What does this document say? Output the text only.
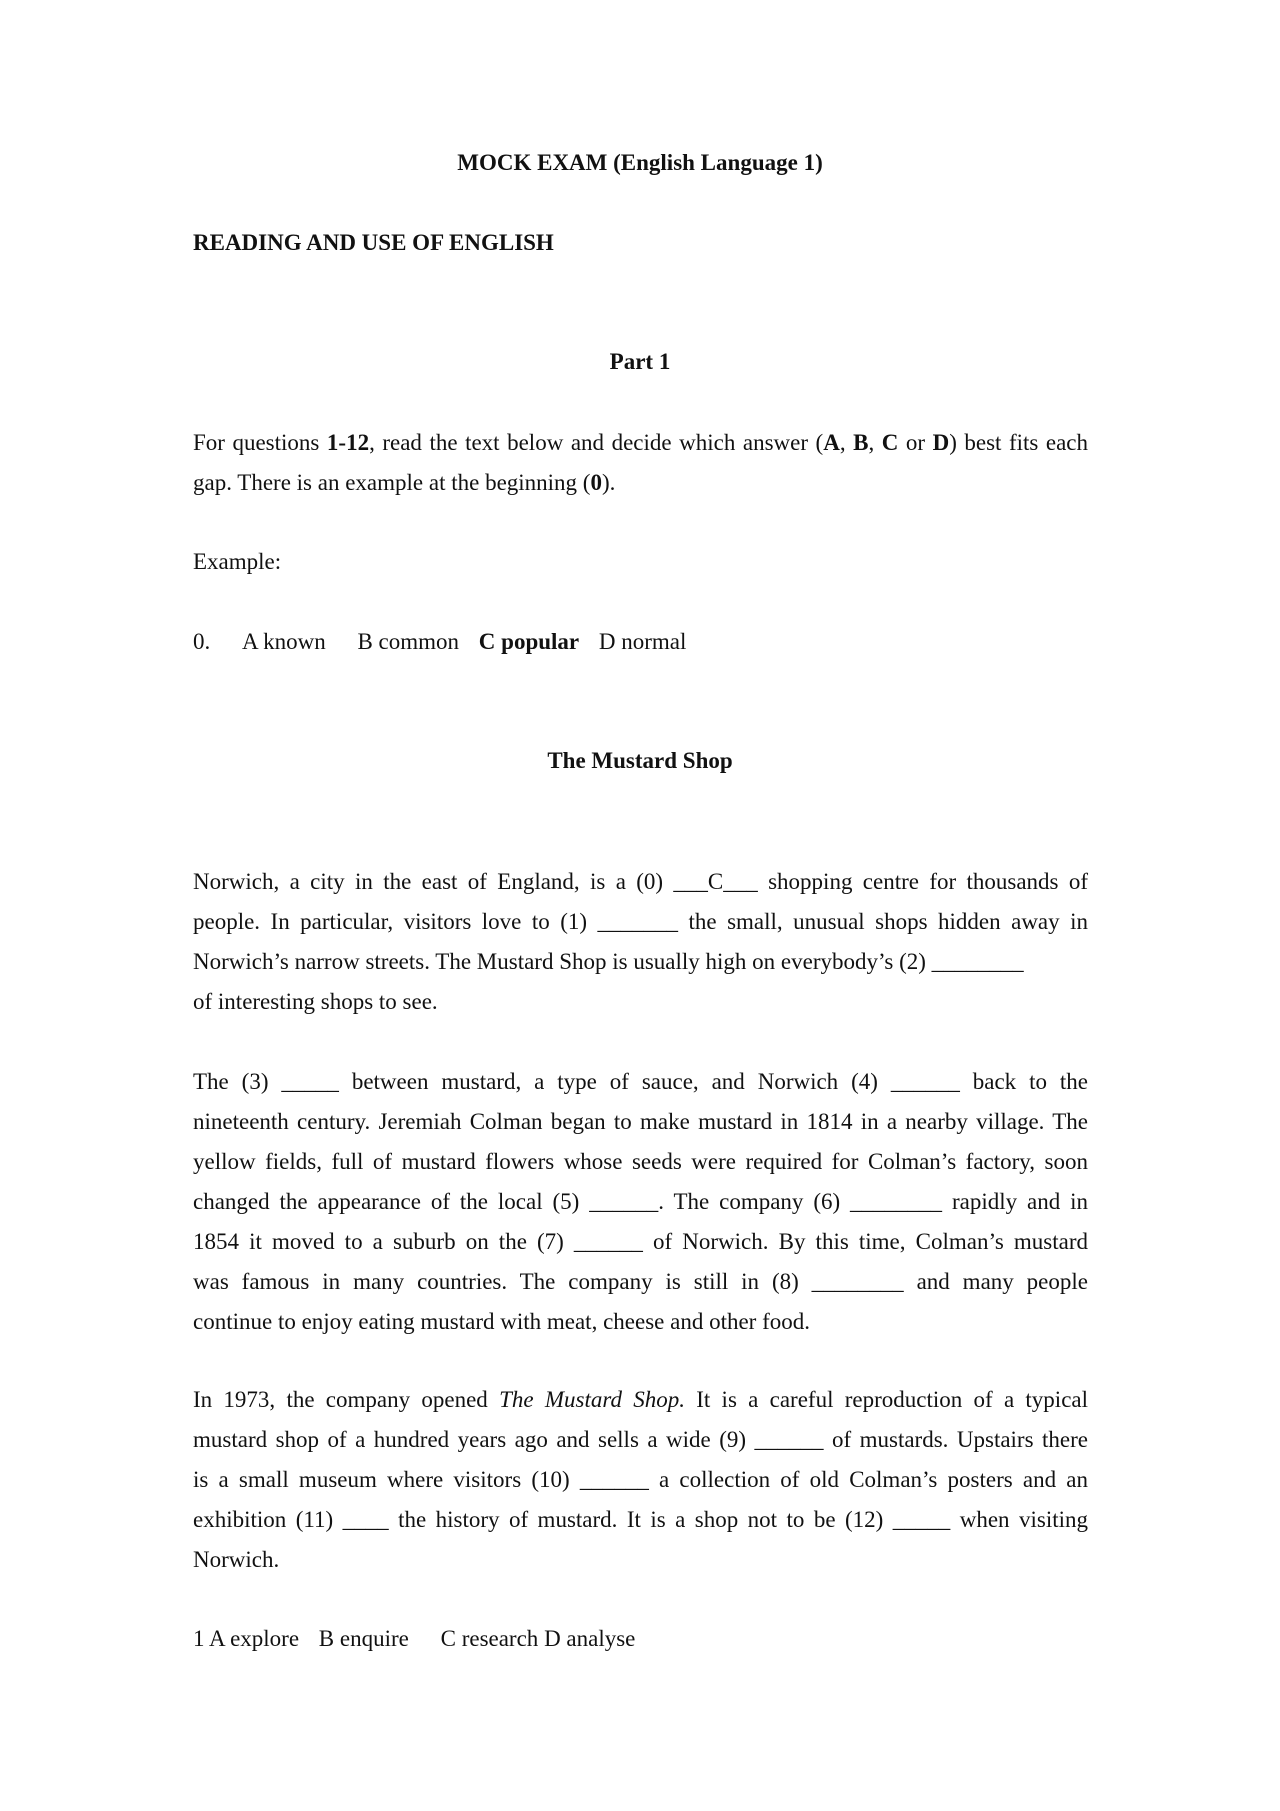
MOCK EXAM (English Language 1)
READING AND USE OF ENGLISH
Part 1
For questions 1-12, read the text below and decide which answer (A, B, C or D) best fits each
gap. There is an example at the beginning (0).
Example:
0. A known B common C popular D normal
The Mustard Shop
Norwich, a city in the east of England, is a (0) ___C___ shopping centre for thousands of
people. In particular, visitors love to (1) _______ the small, unusual shops hidden away in
Norwich’s narrow streets. The Mustard Shop is usually high on everybody’s (2) ________
of interesting shops to see.
The (3) _____ between mustard, a type of sauce, and Norwich (4) ______ back to the
nineteenth century. Jeremiah Colman began to make mustard in 1814 in a nearby village. The
yellow fields, full of mustard flowers whose seeds were required for Colman’s factory, soon
changed the appearance of the local (5) ______. The company (6) ________ rapidly and in
1854 it moved to a suburb on the (7) ______ of Norwich. By this time, Colman’s mustard
was famous in many countries. The company is still in (8) ________ and many people
continue to enjoy eating mustard with meat, cheese and other food.
In 1973, the company opened The Mustard Shop. It is a careful reproduction of a typical
mustard shop of a hundred years ago and sells a wide (9) ______ of mustards. Upstairs there
is a small museum where visitors (10) ______ a collection of old Colman’s posters and an
exhibition (11) ____ the history of mustard. It is a shop not to be (12) _____ when visiting
Norwich.
1 A explore B enquire C research D analyse
